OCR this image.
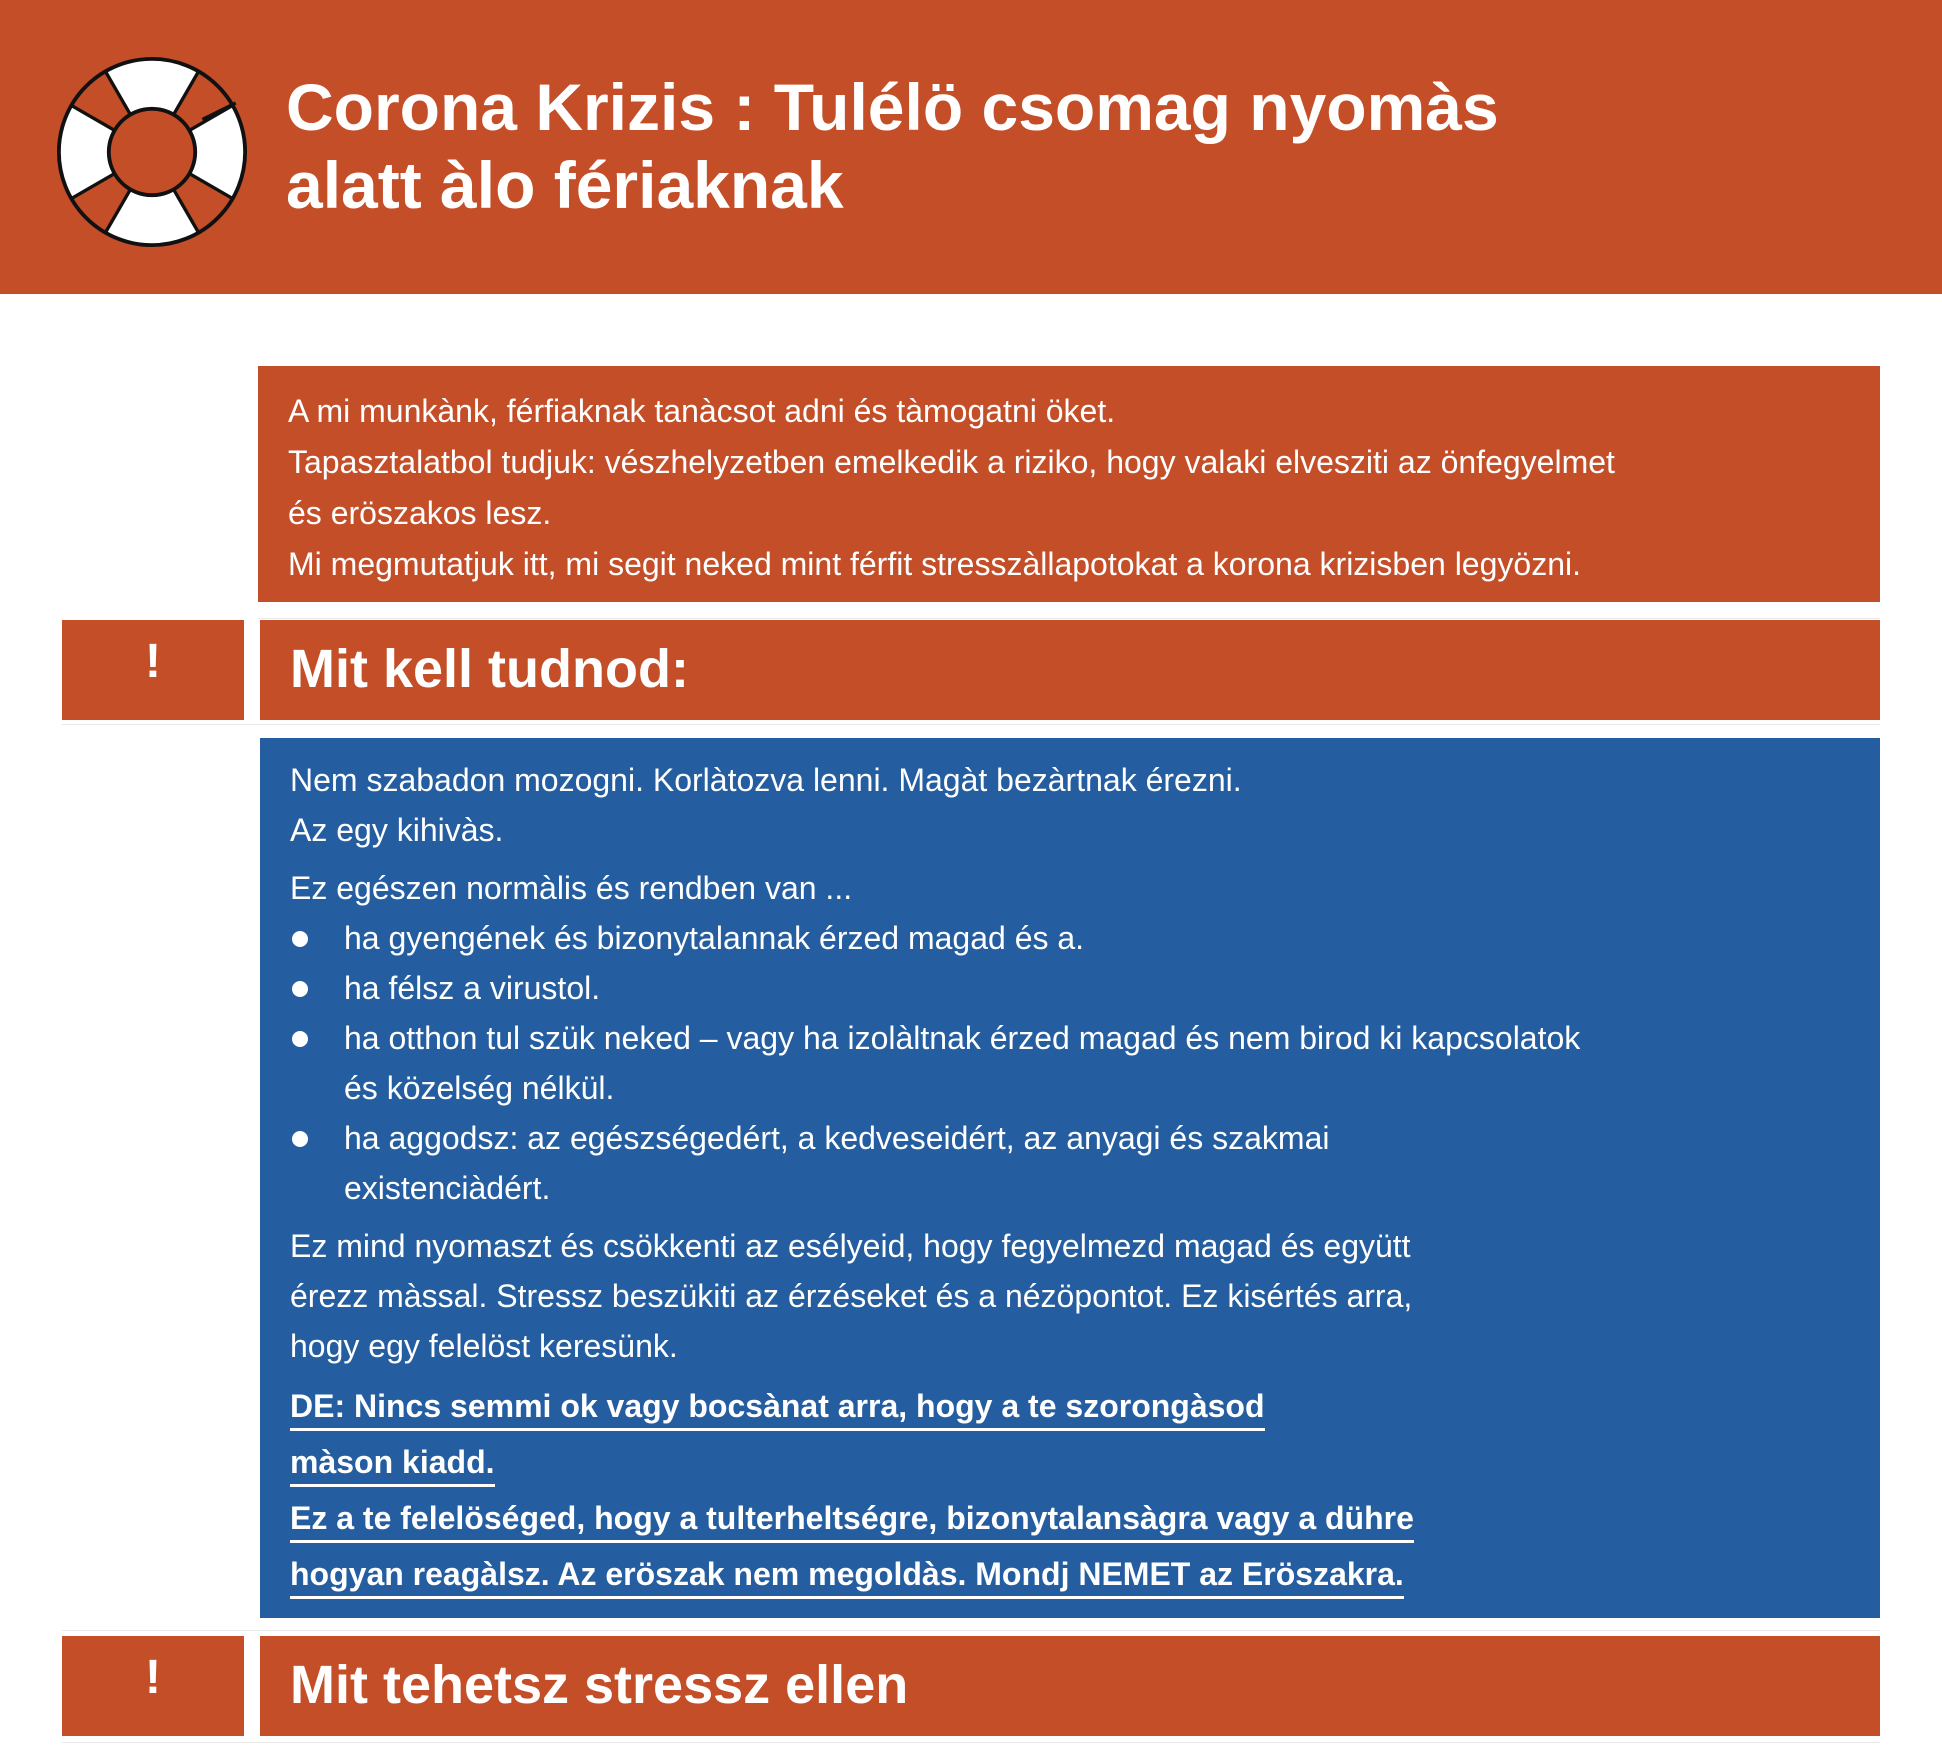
Corona Krizis : Tulélö csomag nyomàs
alatt àlo fériaknak
A mi munkànk, férfiaknak tanàcsot adni és tàmogatni öket.
Tapasztalatbol tudjuk: vészhelyzetben emelkedik a riziko, hogy valaki elvesziti az önfegyelmet
és eröszakos lesz.
Mi megmutatjuk itt, mi segit neked mint férfit stresszàllapotokat a korona krizisben legyözni.
!	Mit kell tudnod:
Nem szabadon mozogni. Korlàtozva lenni. Magàt bezàrtnak érezni.
Az egy kihivàs.
Ez egészen normàlis és rendben van ...
ha gyengének és bizonytalannak érzed magad és a.
ha félsz a virustol.
ha otthon tul szük neked – vagy ha izolàltnak érzed magad és nem birod ki kapcsolatok és közelség nélkül.
ha aggodsz: az egészségedért, a kedveseidért, az anyagi és szakmai existenciàdért.
Ez mind nyomaszt és csökkenti az esélyeid, hogy fegyelmezd magad és együtt
érezz màssal. Stressz beszükiti az érzéseket és a nézöpontot. Ez kisértés arra,
hogy egy felelöst keresünk.
DE: Nincs semmi ok vagy bocsànat arra, hogy a te szorongàsod
màson kiadd.
Ez a te felelöséged, hogy a tulterheltségre, bizonytalansàgra vagy a dühre
hogyan reagàlsz. Az eröszak nem megoldàs. Mondj NEMET az Eröszakra.
!	Mit tehetsz stressz ellen
